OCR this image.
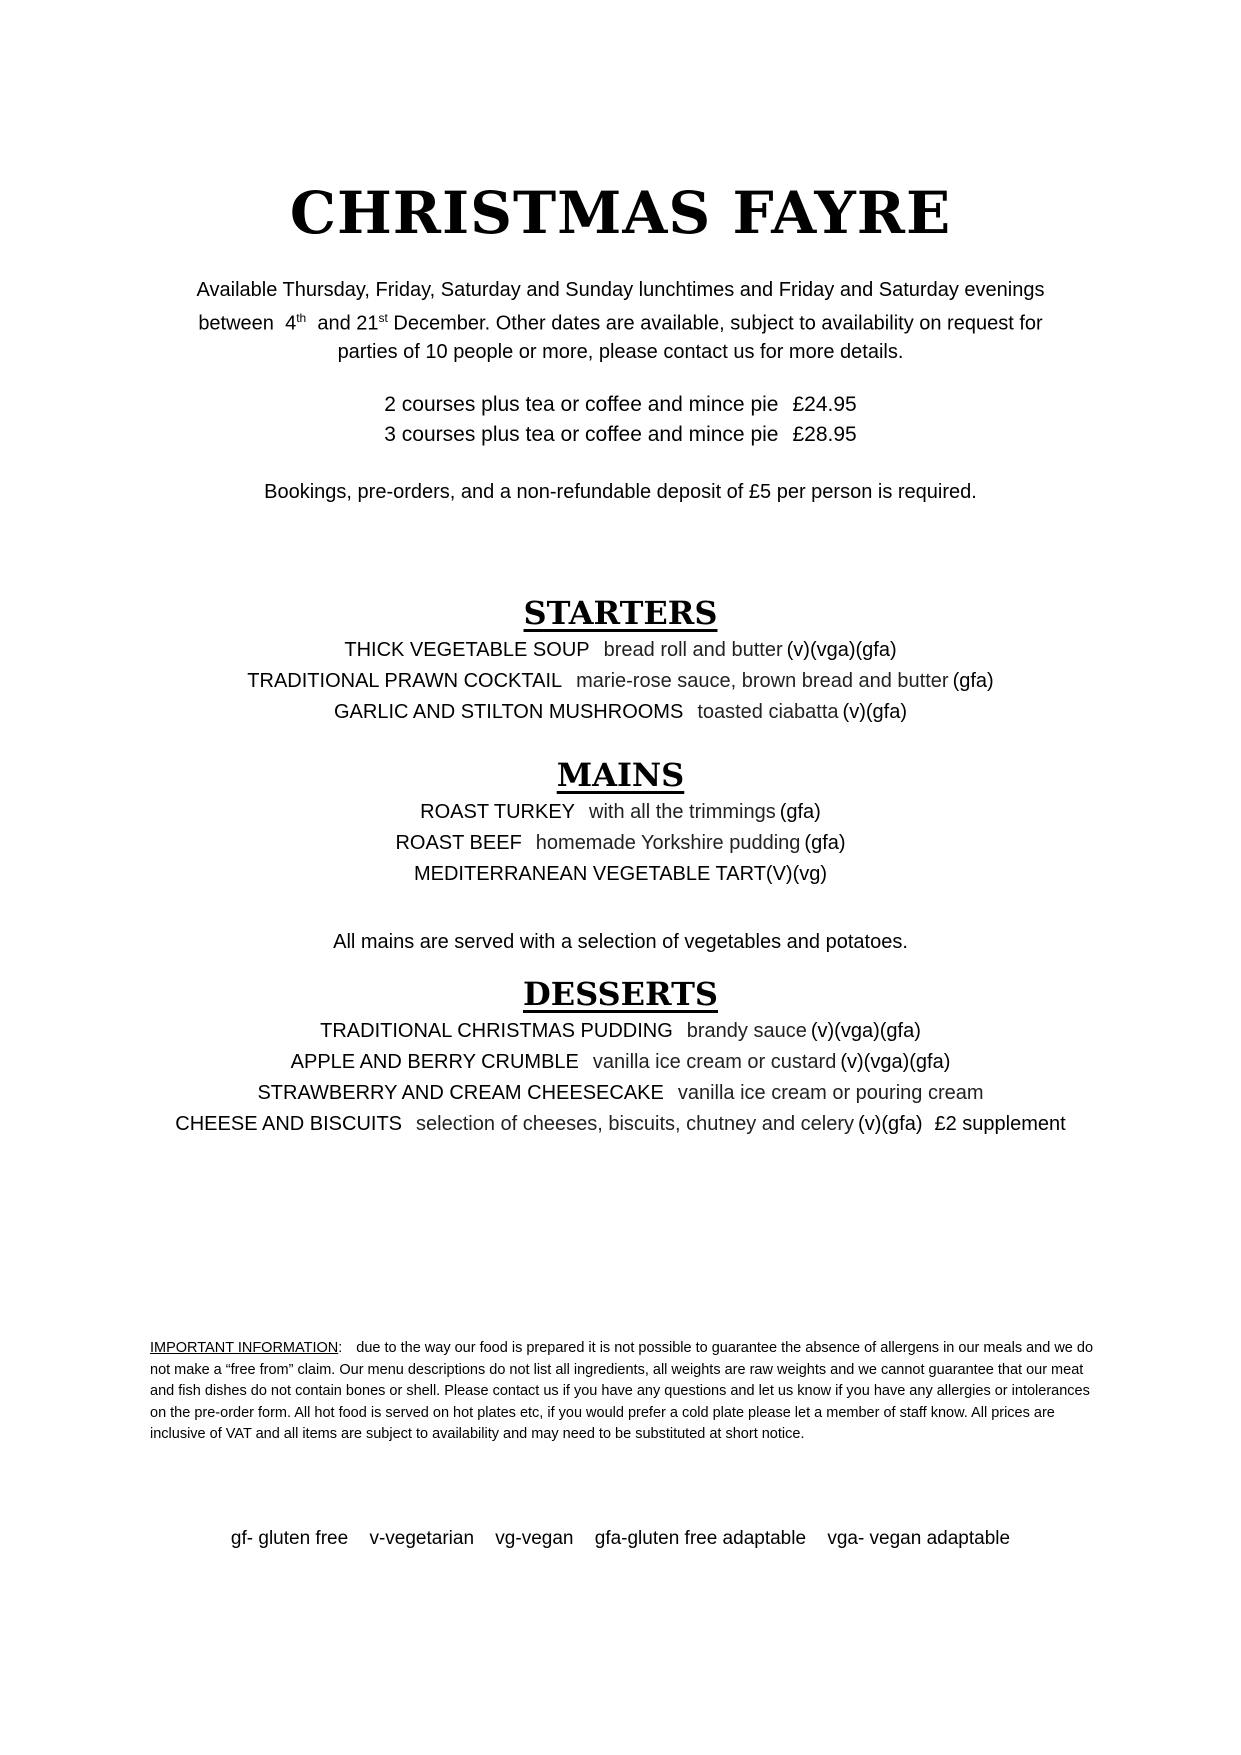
CHRISTMAS FAYRE

Available Thursday, Friday, Saturday and Sunday lunchtimes and Friday and Saturday evenings
between 4th and 21st December. Other dates are available, subject to availability on request for
parties of 10 people or more, please contact us for more details.

2 courses plus tea or coffee and mince pie £24.95
3 courses plus tea or coffee and mince pie £28.95

Bookings, pre-orders, and a non-refundable deposit of £5 per person is required.

STARTERS
THICK VEGETABLE SOUP bread roll and butter (v)(vga)(gfa)
TRADITIONAL PRAWN COCKTAIL marie-rose sauce, brown bread and butter (gfa)
GARLIC AND STILTON MUSHROOMS toasted ciabatta (v)(gfa)
MAINS
ROAST TURKEY with all the trimmings (gfa)
ROAST BEEF homemade Yorkshire pudding (gfa)
MEDITERRANEAN VEGETABLE TART(V)(vg)

All mains are served with a selection of vegetables and potatoes.

DESSERTS
TRADITIONAL CHRISTMAS PUDDING brandy sauce (v)(vga)(gfa)
APPLE AND BERRY CRUMBLE vanilla ice cream or custard (v)(vga)(gfa)
STRAWBERRY AND CREAM CHEESECAKE vanilla ice cream or pouring cream
CHEESE AND BISCUITS selection of cheeses, biscuits, chutney and celery (v)(gfa) £2 supplement

IMPORTANT INFORMATION: due to the way our food is prepared it is not possible to guarantee the absence of allergens in our meals and we do not make a “free from” claim. Our menu descriptions do not list all ingredients, all weights are raw weights and we cannot guarantee that our meat and fish dishes do not contain bones or shell. Please contact us if you have any questions and let us know if you have any allergies or intolerances on the pre-order form. All hot food is served on hot plates etc, if you would prefer a cold plate please let a member of staff know. All prices are inclusive of VAT and all items are subject to availability and may need to be substituted at short notice.

gf- gluten free v-vegetarian vg-vegan gfa-gluten free adaptable vga- vegan adaptable
